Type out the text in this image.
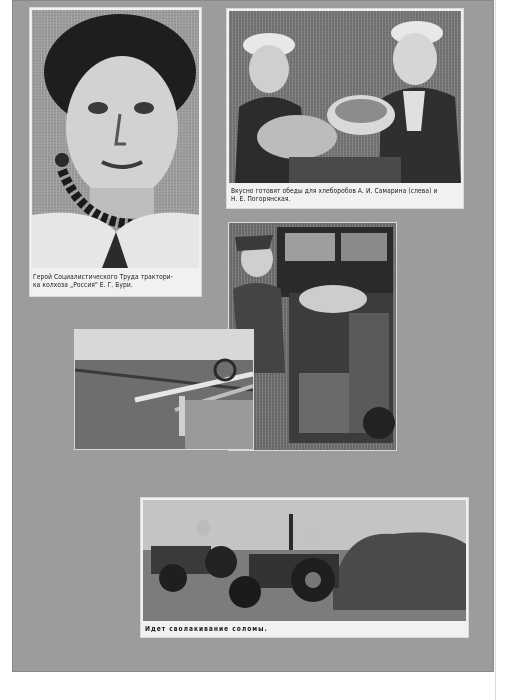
Герой Социалистического Труда трактори-
ка колхоза „Россия" Е. Г. Бури.
Вкусно готовят обеды для хлеборобов А. И. Самарина (слева) и
Н. Е. Погорянская.
Идет сволакивание соломы.
